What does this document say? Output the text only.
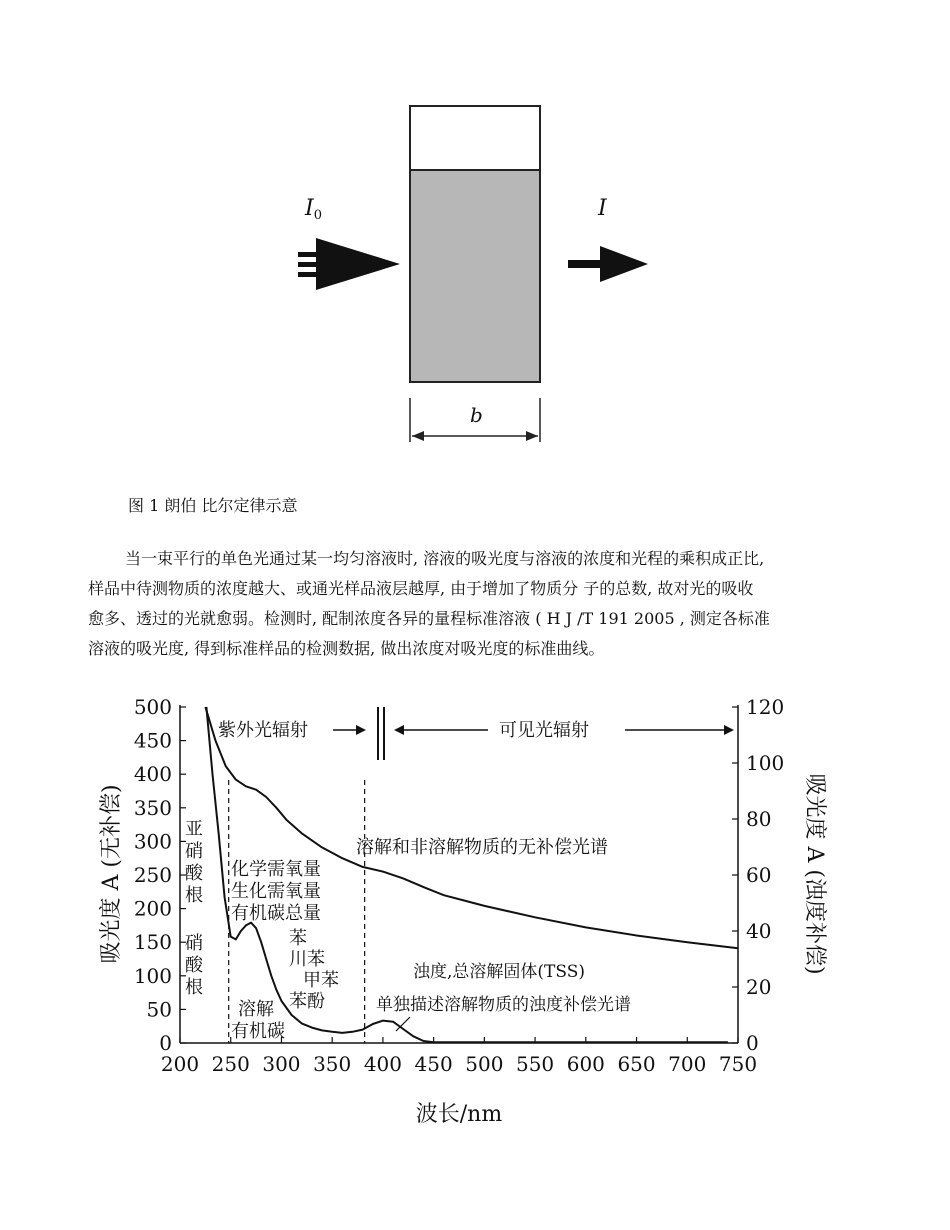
I0	I
b
图 1 朗伯 比尔定律示意
当一束平行的单色光通过某一均匀溶液时, 溶液的吸光度与溶液的浓度和光程的乘积成正比,
样品中待测物质的浓度越大、或通光样品液层越厚, 由于增加了物质分 子的总数, 故对光的吸收
愈多、透过的光就愈弱。检测时, 配制浓度各异的量程标准溶液 ( H J /T 191 2005 , 测定各标准
溶液的吸光度, 得到标准样品的检测数据, 做出浓度对吸光度的标准曲线。
200 250 300 350 400 450 500 550 600 650 700 750
0
50
100
150
200
250
300
350
400
450
500
0
20
40
60
80
100
120
波长/nm
吸光度 A (无补偿)	吸光度 A (浊度补偿)
紫外光辐射	可见光辐射
亚
硝
酸
根
硝
酸
根
化学需氧量
生化需氧量
有机碳总量
苯
川苯
甲苯
苯酚
溶解
有机碳
溶解和非溶解物质的无补偿光谱
浊度,总溶解固体(TSS)
单独描述溶解物质的浊度补偿光谱
